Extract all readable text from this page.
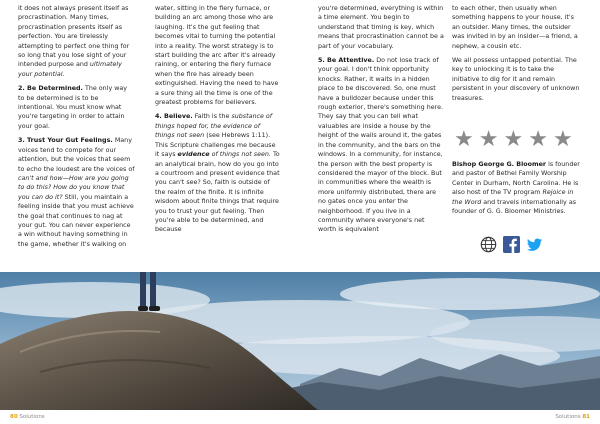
it does not always present itself as procrastination. Many times, procrastination presents itself as perfection. You are tirelessly attempting to perfect one thing for so long that you lose sight of your intended purpose and ultimately your potential.

2. Be Determined. The only way to be determined is to be intentional. You must know what you're targeting in order to attain your goal.

3. Trust Your Gut Feelings. Many voices tend to compete for our attention, but the voices that seem to echo the loudest are the voices of can't and how—How are you going to do this? How do you know that you can do it? Still, you maintain a feeling inside that you must achieve the goal that continues to nag at your gut. You can never experience a win without having something in the game, whether it's walking on

water, sitting in the fiery furnace, or building an arc among those who are laughing. It's the gut feeling that becomes vital to turning the potential into a reality. The worst strategy is to start building the arc after it's already raining, or entering the fiery furnace when the fire has already been extinguished. Having the need to have a sure thing all the time is one of the greatest problems for believers.

4. Believe. Faith is the substance of things hoped for, the evidence of things not seen (see Hebrews 1:11). This Scripture challenges me because it says evidence of things not seen. To an analytical brain, how do you go into a courtroom and present evidence that you can't see? So, faith is outside of the realm of the finite. It is infinite wisdom about finite things that require you to trust your gut feeling. Then you're able to be determined, and because

you're determined, everything is within a time element. You begin to understand that timing is key, which means that procrastination cannot be a part of your vocabulary.

5. Be Attentive. Do not lose track of your goal. I don't think opportunity knocks. Rather, it waits in a hidden place to be discovered. So, one must have a bulldozer because under this rough exterior, there's something here. They say that you can tell what valuables are inside a house by the height of the walls around it, the gates in the community, and the bars on the windows. In a community, for instance, the person with the best property is considered the mayor of the block. But in communities where the wealth is more uniformly distributed, there are no gates once you enter the neighborhood. If you live in a community where everyone's net worth is equivalent

to each other, then usually when something happens to your house, it's an outsider. Many times, the outsider was invited in by an insider—a friend, a nephew, a cousin etc.

We all possess untapped potential. The key to unlocking it is to take the initiative to dig for it and remain persistent in your discovery of unknown treasures.

★ ★ ★ ★ ★
Bishop George G. Bloomer is founder and pastor of Bethel Family Worship Center in Durham, North Carolina. He is also host of the TV program Rejoice in the Word and travels internationally as founder of G. G. Bloomer Ministries.
80 Solutions	Solutions 81
